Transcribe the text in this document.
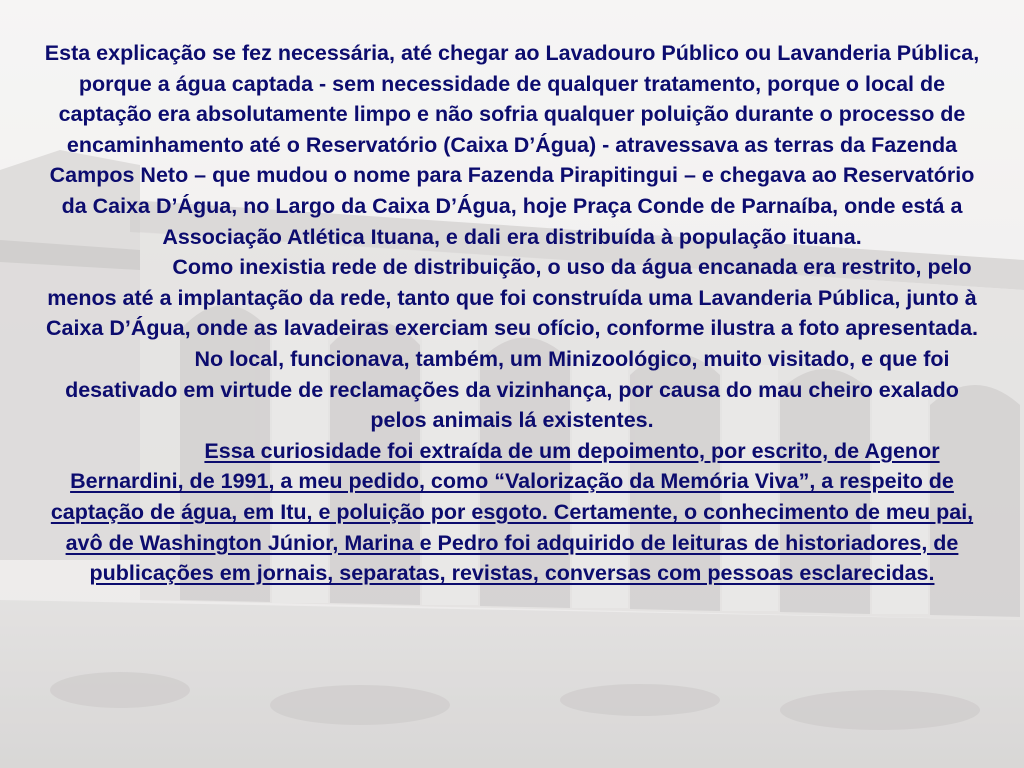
Esta explicação se fez necessária, até chegar ao Lavadouro Público ou Lavanderia Pública, porque a água captada - sem necessidade de qualquer tratamento, porque o local de captação era absolutamente limpo e não sofria qualquer poluição durante o processo de encaminhamento até o Reservatório (Caixa D’Água) - atravessava as terras da Fazenda Campos Neto – que mudou o nome para Fazenda Pirapitingui – e chegava ao Reservatório da Caixa D’Água, no Largo da Caixa D’Água, hoje Praça Conde de Parnaíba, onde está a Associação Atlética Ituana, e dali era distribuída à população ituana.

Como inexistia rede de distribuição, o uso da água encanada era restrito, pelo menos até a implantação da rede, tanto que foi construída uma Lavanderia Pública, junto à Caixa D’Água, onde as lavadeiras exerciam seu ofício, conforme ilustra a foto apresentada.

No local, funcionava, também, um Minizoológico, muito visitado, e que foi desativado em virtude de reclamações da vizinhança, por causa do mau cheiro exalado pelos animais lá existentes.

Essa curiosidade foi extraída de um depoimento, por escrito, de Agenor Bernardini, de 1991, a meu pedido, como “Valorização da Memória Viva”, a respeito de captação de água, em Itu, e poluição por esgoto. Certamente, o conhecimento de meu pai, avô de Washington Júnior, Marina e Pedro foi adquirido de leituras de historiadores, de publicações em jornais, separatas, revistas, conversas com pessoas esclarecidas.
